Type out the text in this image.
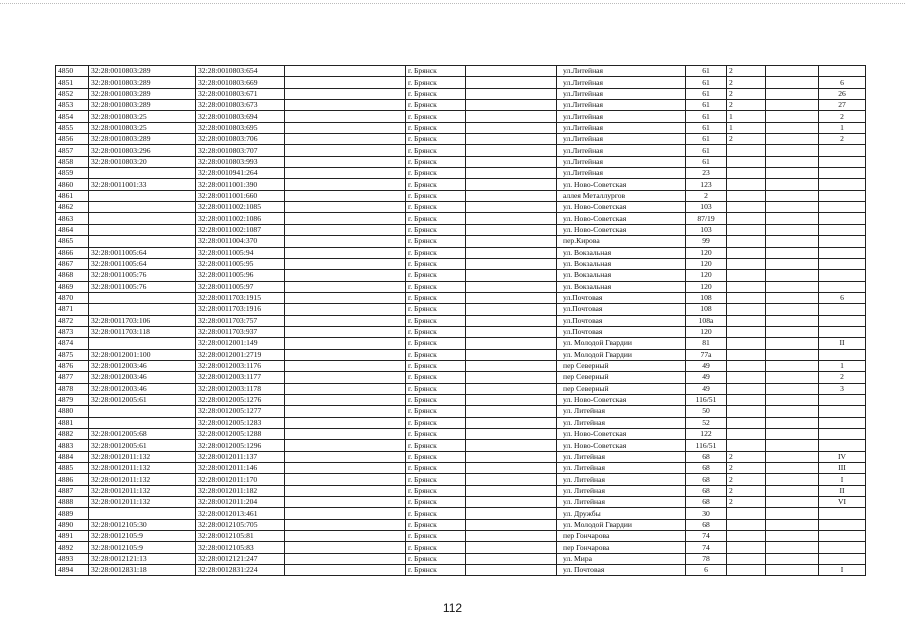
4850	32:28:0010803:289	32:28:0010803:654		г. Брянск		ул.Литейная	61	2		
4851	32:28:0010803:289	32:28:0010803:669		г. Брянск		ул.Литейная	61	2		6
4852	32:28:0010803:289	32:28:0010803:671		г. Брянск		ул.Литейная	61	2		26
4853	32:28:0010803:289	32:28:0010803:673		г. Брянск		ул.Литейная	61	2		27
4854	32:28:0010803:25	32:28:0010803:694		г. Брянск		ул.Литейная	61	1		2
4855	32:28:0010803:25	32:28:0010803:695		г. Брянск		ул.Литейная	61	1		1
4856	32:28:0010803:289	32:28:0010803:706		г. Брянск		ул.Литейная	61	2		2
4857	32:28:0010803:296	32:28:0010803:707		г. Брянск		ул.Литейная	61			
4858	32:28:0010803:20	32:28:0010803:993		г. Брянск		ул.Литейная	61			
4859		32:28:0010941:264		г. Брянск		ул.Литейная	23			
4860	32:28:0011001:33	32:28:0011001:390		г. Брянск		ул. Ново-Советская	123			
4861		32:28:0011001:660		г. Брянск		аллея Металлургов	2			
4862		32:28:0011002:1085		г. Брянск		ул. Ново-Советская	103			
4863		32:28:0011002:1086		г. Брянск		ул. Ново-Советская	87/19			
4864		32:28:0011002:1087		г. Брянск		ул. Ново-Советская	103			
4865		32:28:0011004:370		г. Брянск		пер.Кирова	99			
4866	32:28:0011005:64	32:28:0011005:94		г. Брянск		ул. Вокзальная	120			
4867	32:28:0011005:64	32:28:0011005:95		г. Брянск		ул. Вокзальная	120			
4868	32:28:0011005:76	32:28:0011005:96		г. Брянск		ул. Вокзальная	120			
4869	32:28:0011005:76	32:28:0011005:97		г. Брянск		ул. Вокзальная	120			
4870		32:28:0011703:1915		г. Брянск		ул.Почтовая	108			6
4871		32:28:0011703:1916		г. Брянск		ул.Почтовая	108			
4872	32:28:0011703:106	32:28:0011703:757		г. Брянск		ул.Почтовая	108а			
4873	32:28:0011703:118	32:28:0011703:937		г. Брянск		ул.Почтовая	120			
4874		32:28:0012001:149		г. Брянск		ул. Молодой Гвардии	81			II
4875	32:28:0012001:100	32:28:0012001:2719		г. Брянск		ул. Молодой Гвардии	77а			
4876	32:28:0012003:46	32:28:0012003:1176		г. Брянск		пер Северный	49			1
4877	32:28:0012003:46	32:28:0012003:1177		г. Брянск		пер Северный	49			2
4878	32:28:0012003:46	32:28:0012003:1178		г. Брянск		пер Северный	49			3
4879	32:28:0012005:61	32:28:0012005:1276		г. Брянск		ул. Ново-Советская	116/51			
4880		32:28:0012005:1277		г. Брянск		ул. Литейная	50			
4881		32:28:0012005:1283		г. Брянск		ул. Литейная	52			
4882	32:28:0012005:68	32:28:0012005:1288		г. Брянск		ул. Ново-Советская	122			
4883	32:28:0012005:61	32:28:0012005:1296		г. Брянск		ул. Ново-Советская	116/51			
4884	32:28:0012011:132	32:28:0012011:137		г. Брянск		ул. Литейная	68	2		IV
4885	32:28:0012011:132	32:28:0012011:146		г. Брянск		ул. Литейная	68	2		III
4886	32:28:0012011:132	32:28:0012011:170		г. Брянск		ул. Литейная	68	2		I
4887	32:28:0012011:132	32:28:0012011:182		г. Брянск		ул. Литейная	68	2		II
4888	32:28:0012011:132	32:28:0012011:204		г. Брянск		ул. Литейная	68	2		VI
4889		32:28:0012013:461		г. Брянск		ул. Дружбы	30			
4890	32:28:0012105:30	32:28:0012105:705		г. Брянск		ул. Молодой Гвардии	68			
4891	32:28:0012105:9	32:28:0012105:81		г. Брянск		пер Гончарова	74			
4892	32:28:0012105:9	32:28:0012105:83		г. Брянск		пер Гончарова	74			
4893	32:28:0012121:13	32:28:0012121:247		г. Брянск		ул. Мира	78			
4894	32:28:0012831:18	32:28:0012831:224		г. Брянск		ул. Почтовая	6			I
112
